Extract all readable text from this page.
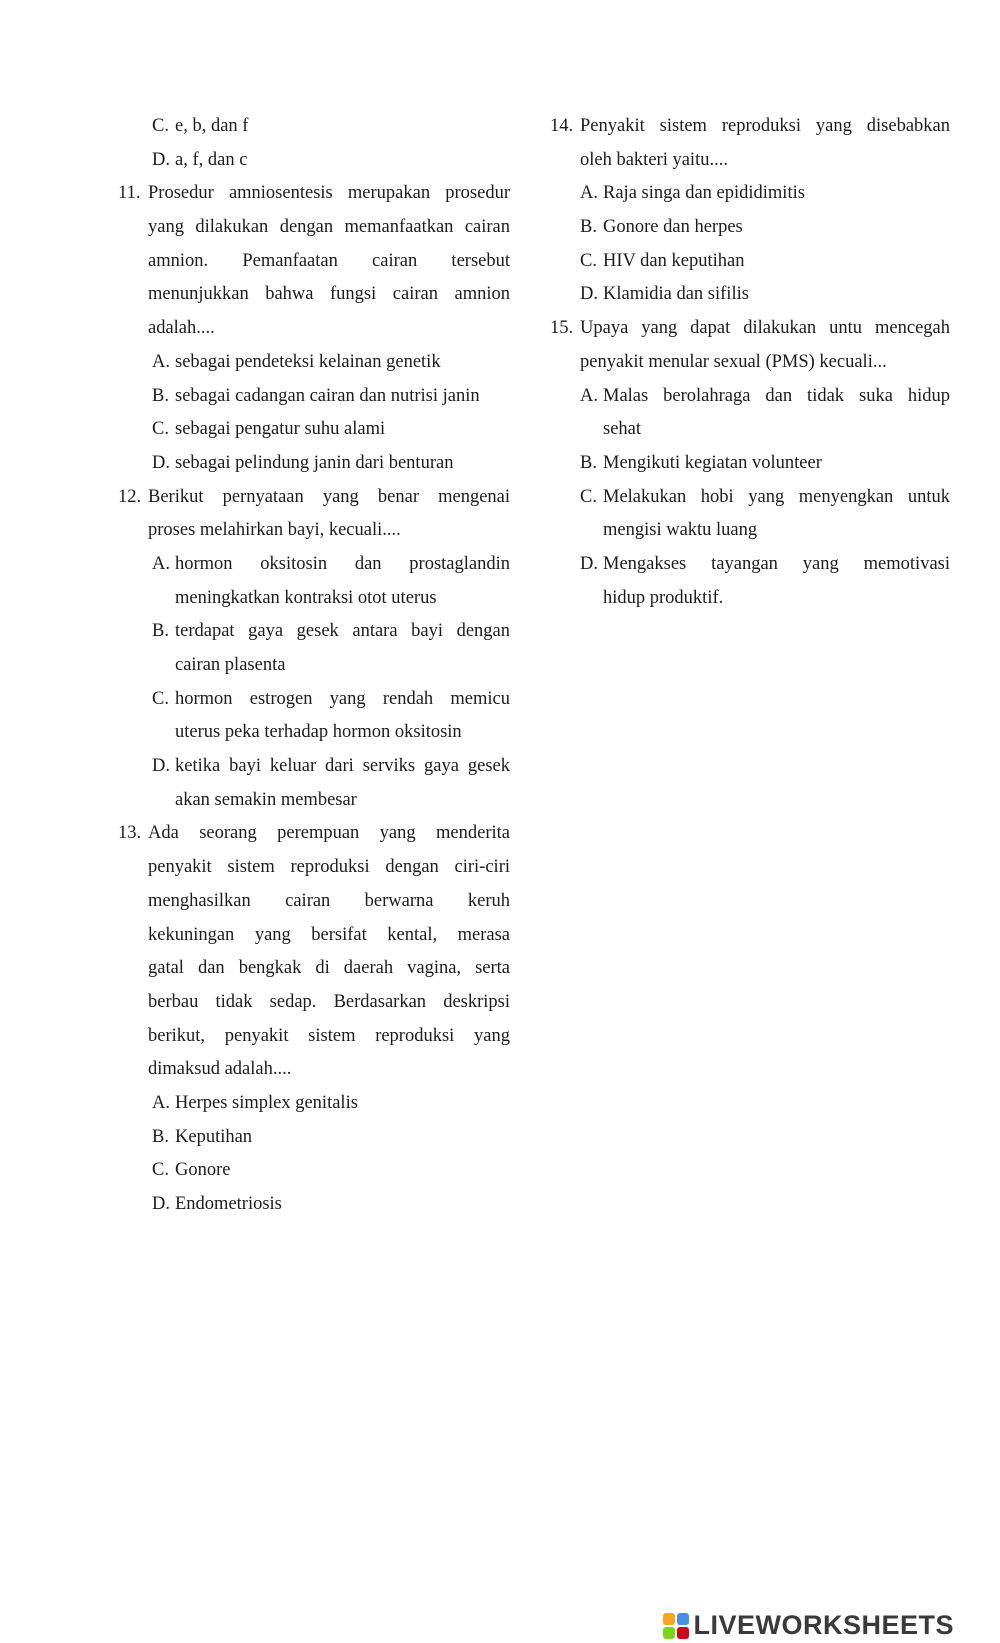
C. e, b, dan f
D. a, f, dan c
11. Prosedur amniosentesis merupakan prosedur
yang dilakukan dengan memanfaatkan cairan
amnion. Pemanfaatan cairan tersebut
menunjukkan bahwa fungsi cairan amnion
adalah....
A. sebagai pendeteksi kelainan genetik
B. sebagai cadangan cairan dan nutrisi janin
C. sebagai pengatur suhu alami
D. sebagai pelindung janin dari benturan
12. Berikut pernyataan yang benar mengenai
proses melahirkan bayi, kecuali....
A. hormon oksitosin dan prostaglandin
meningkatkan kontraksi otot uterus
B. terdapat gaya gesek antara bayi dengan
cairan plasenta
C. hormon estrogen yang rendah memicu
uterus peka terhadap hormon oksitosin
D. ketika bayi keluar dari serviks gaya gesek
akan semakin membesar
13. Ada seorang perempuan yang menderita
penyakit sistem reproduksi dengan ciri-ciri
menghasilkan cairan berwarna keruh
kekuningan yang bersifat kental, merasa
gatal dan bengkak di daerah vagina, serta
berbau tidak sedap. Berdasarkan deskripsi
berikut, penyakit sistem reproduksi yang
dimaksud adalah....
A. Herpes simplex genitalis
B. Keputihan
C. Gonore
D. Endometriosis
14. Penyakit sistem reproduksi yang disebabkan
oleh bakteri yaitu....
A. Raja singa dan epididimitis
B. Gonore dan herpes
C. HIV dan keputihan
D. Klamidia dan sifilis
15. Upaya yang dapat dilakukan untu mencegah
penyakit menular sexual (PMS) kecuali...
A. Malas berolahraga dan tidak suka hidup
sehat
B. Mengikuti kegiatan volunteer
C. Melakukan hobi yang menyengkan untuk
mengisi waktu luang
D. Mengakses tayangan yang memotivasi
hidup produktif.
LIVEWORKSHEETS
